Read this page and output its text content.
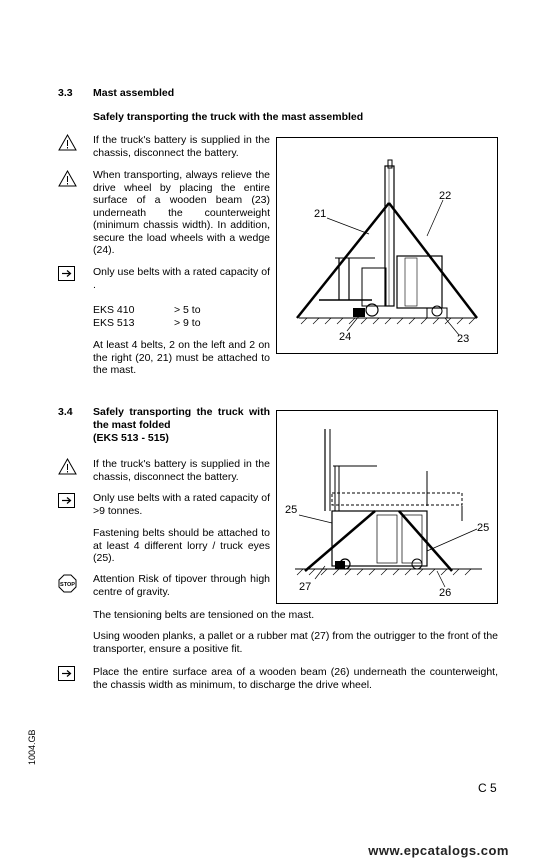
3.3 Mast assembled
Safely transporting the truck with the mast assembled
If the truck's battery is supplied in the chassis, disconnect the battery.
When transporting, always relieve the drive wheel by placing the entire surface of a wooden beam (23) underneath the counterweight (minimum chassis width). In addition, secure the load wheels with a wedge (24).
Only use belts with a rated capacity of .
EKS 410	> 5 to
EKS 513	> 9 to
At least 4 belts, 2 on the left and 2 on the right (20, 21) must be attached to the mast.
21
22
24	23
3.4 Safely transporting the truck with the mast folded
(EKS 513 - 515)
If the truck's battery is supplied in the chassis, disconnect the battery.
Only use belts with a rated capacity of >9 tonnes.
Fastening belts should be attached to at least 4 different lorry / truck eyes (25).
STOP Attention Risk of tipover through high centre of gravity.
The tensioning belts are tensioned on the mast.
Using wooden planks, a pallet or a rubber mat (27) from the outrigger to the front of the transporter, ensure a positive fit.
Place the entire surface area of a wooden beam (26) underneath the counterweight, the chassis width as minimum, to discharge the drive wheel.
25
25
27	26
1004.GB
C 5
www.epcatalogs.com
